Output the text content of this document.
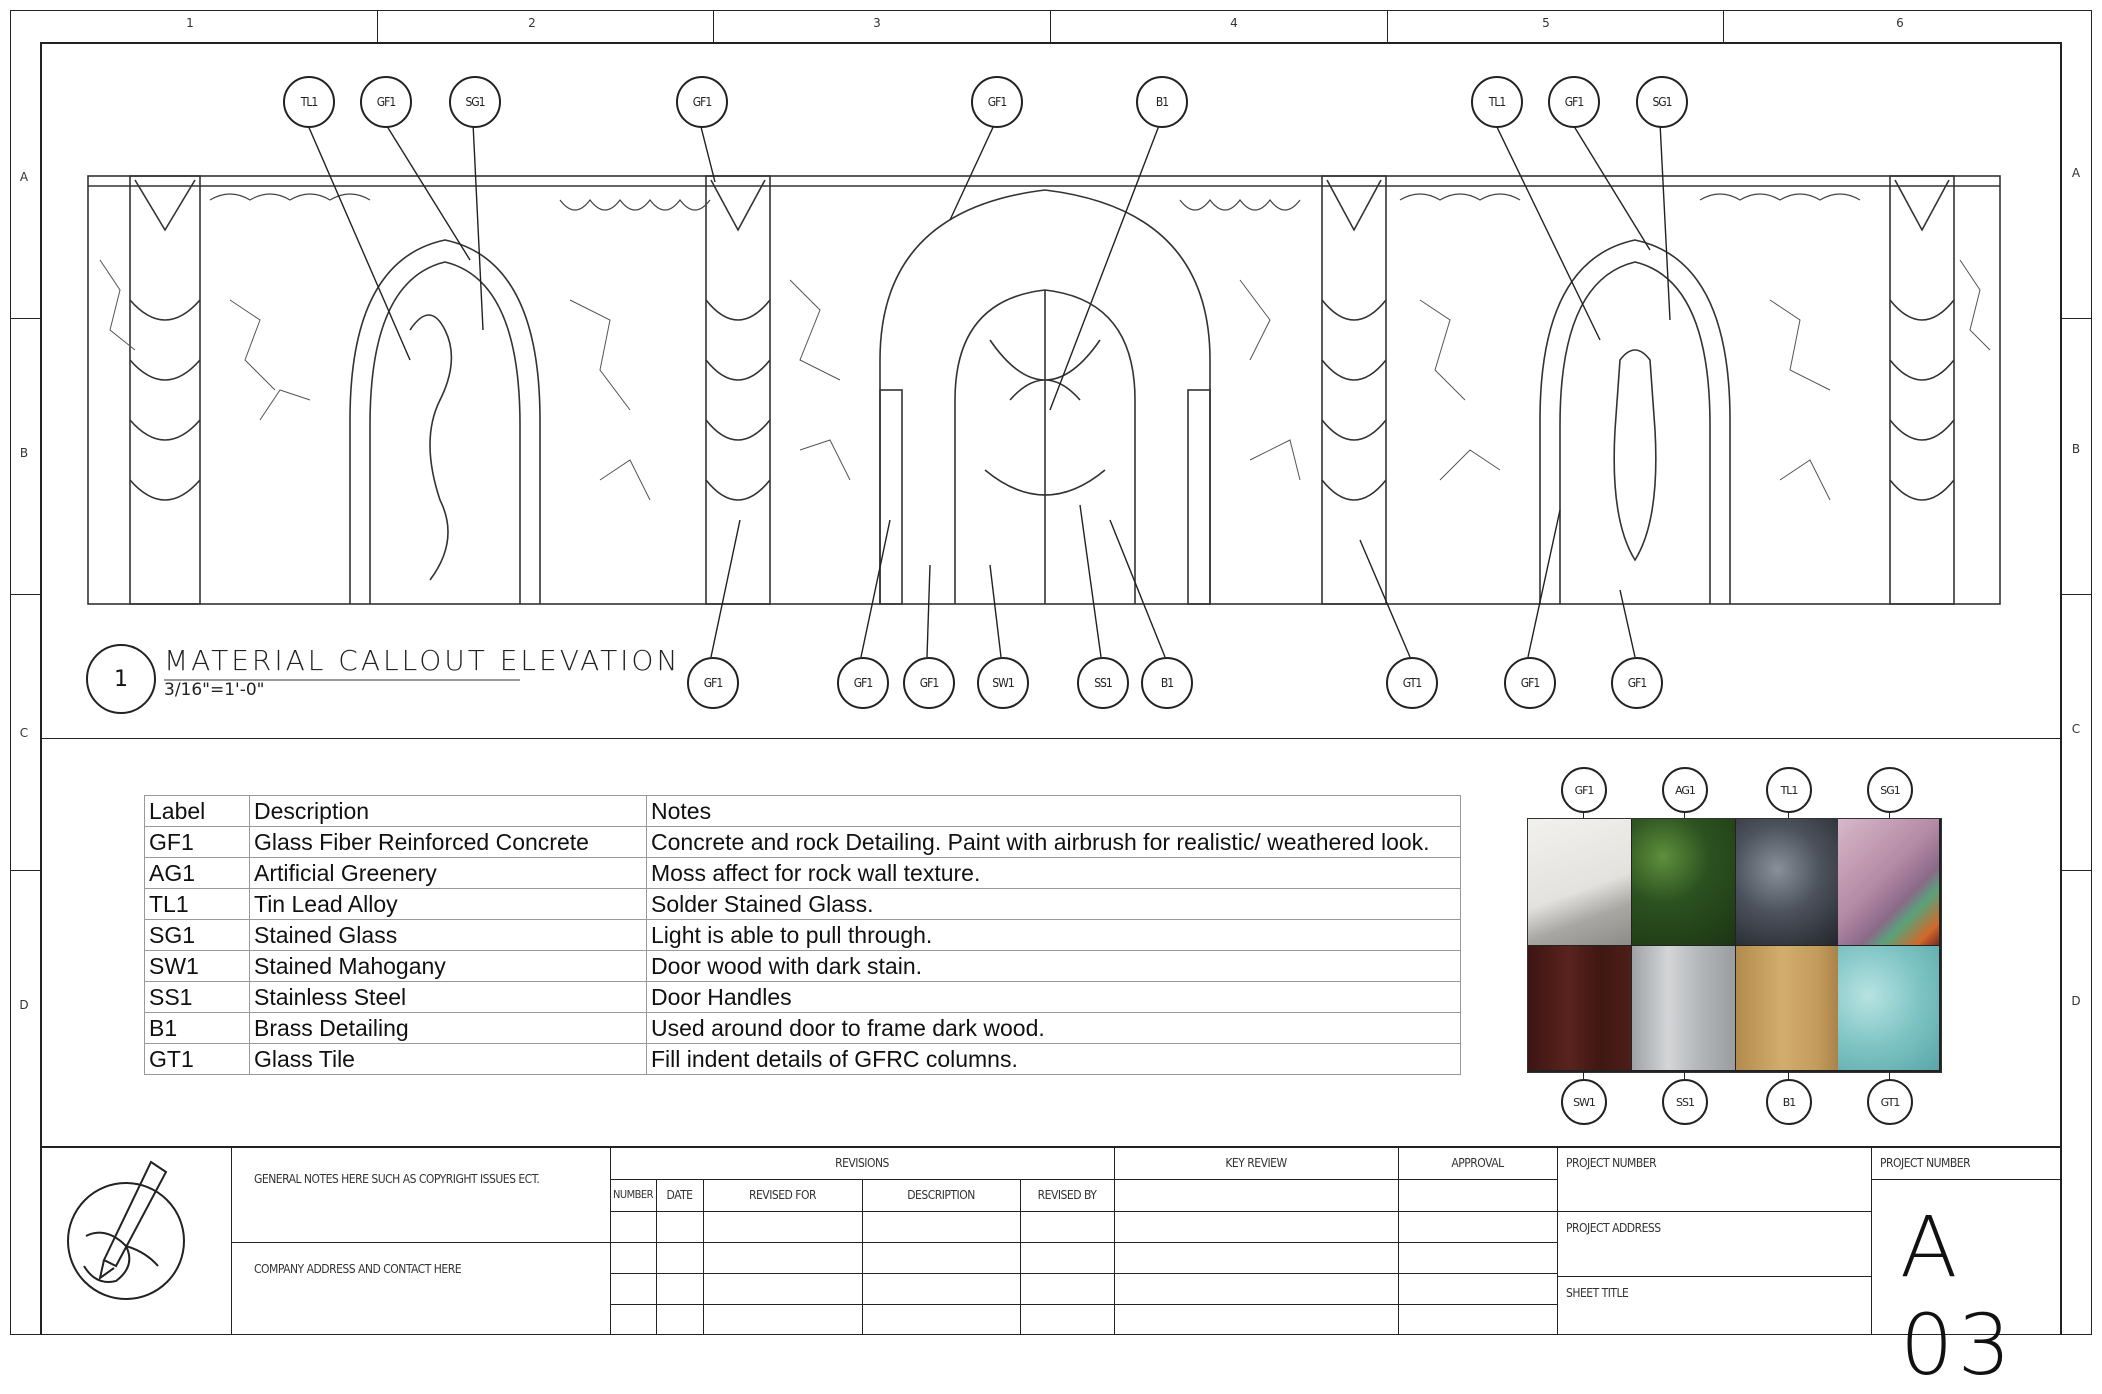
1	2	3	4	5	6
A
B
C
D
A
B
C
D
TL1	GF1	SG1	GF1	GF1	B1	TL1	GF1	SG1
GF1	GF1	GF1	SW1	SS1	B1	GT1	GF1	GF1
1
MATERIAL CALLOUT ELEVATION
3/16"=1'-0"
Label	Description	Notes
GF1	Glass Fiber Reinforced Concrete	Concrete and rock Detailing. Paint with airbrush for realistic/ weathered look.
AG1	Artificial Greenery	Moss affect for rock wall texture.
TL1	Tin Lead Alloy	Solder Stained Glass.
SG1	Stained Glass	Light is able to pull through.
SW1	Stained Mahogany	Door wood with dark stain.
SS1	Stainless Steel	Door Handles
B1	Brass Detailing	Used around door to frame dark wood.
GT1	Glass Tile	Fill indent details of GFRC columns.
GF1	AG1	TL1	SG1
SW1	SS1	B1	GT1
GENERAL NOTES HERE SUCH AS COPYRIGHT ISSUES ECT.
COMPANY ADDRESS AND CONTACT HERE
REVISIONS
NUMBER	DATE	REVISED FOR	DESCRIPTION	REVISED BY
KEY REVIEW	APPROVAL	PROJECT NUMBER
PROJECT ADDRESS
SHEET TITLE
PROJECT NUMBER
A 03
